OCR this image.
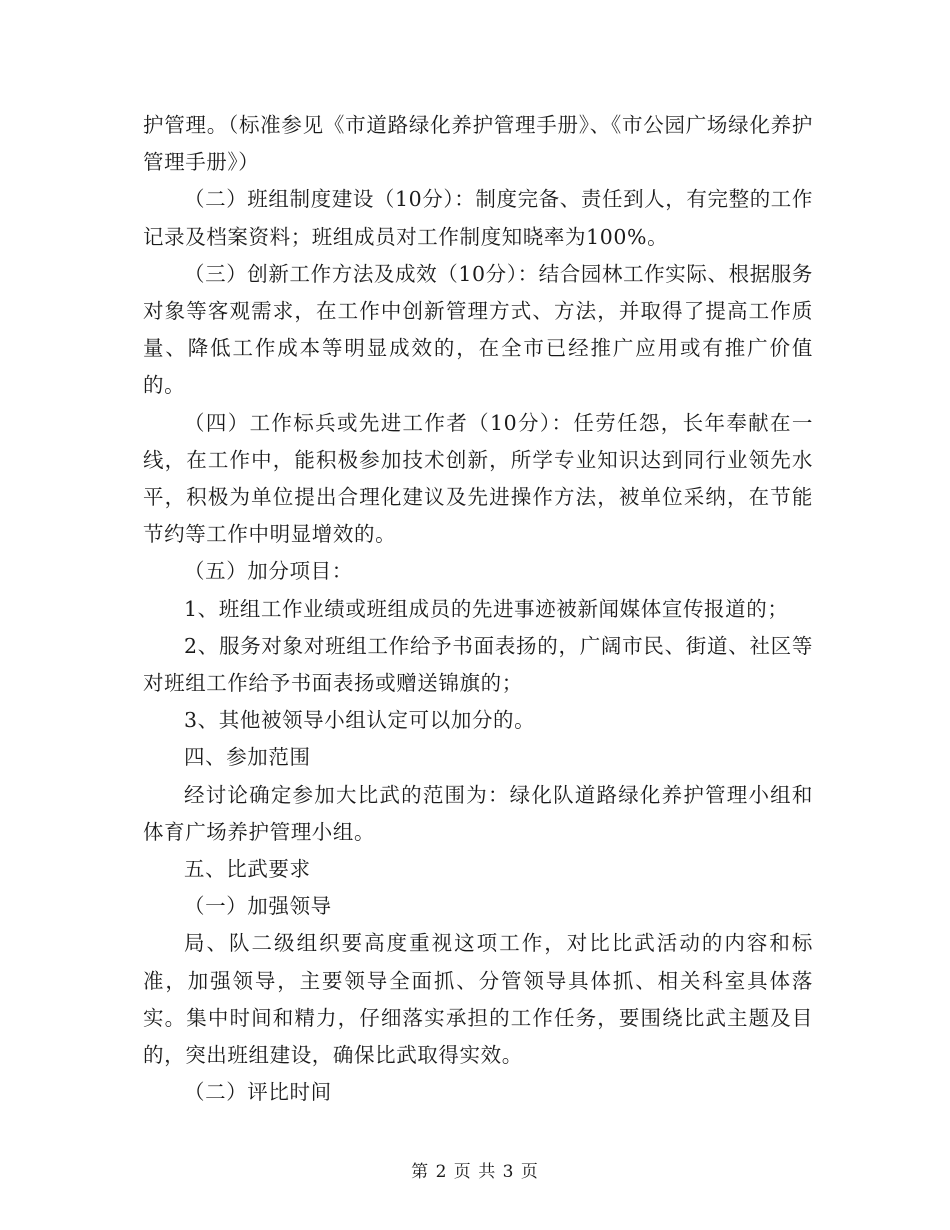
护管理。（标准参见《市道路绿化养护管理手册》、《市公园广场绿化养护管理手册》）

（二）班组制度建设（10分）：制度完备、责任到人，有完整的工作记录及档案资料；班组成员对工作制度知晓率为100%。

（三）创新工作方法及成效（10分）：结合园林工作实际、根据服务对象等客观需求，在工作中创新管理方式、方法，并取得了提高工作质量、降低工作成本等明显成效的，在全市已经推广应用或有推广价值的。

（四）工作标兵或先进工作者（10分）：任劳任怨，长年奉献在一线，在工作中，能积极参加技术创新，所学专业知识达到同行业领先水平，积极为单位提出合理化建议及先进操作方法，被单位采纳，在节能节约等工作中明显增效的。

（五）加分项目：

1、班组工作业绩或班组成员的先进事迹被新闻媒体宣传报道的；

2、服务对象对班组工作给予书面表扬的，广阔市民、街道、社区等对班组工作给予书面表扬或赠送锦旗的；

3、其他被领导小组认定可以加分的。

四、参加范围

经讨论确定参加大比武的范围为：绿化队道路绿化养护管理小组和体育广场养护管理小组。

五、比武要求

（一）加强领导

局、队二级组织要高度重视这项工作，对比比武活动的内容和标准，加强领导，主要领导全面抓、分管领导具体抓、相关科室具体落实。集中时间和精力，仔细落实承担的工作任务，要围绕比武主题及目的，突出班组建设，确保比武取得实效。

（二）评比时间

第 2 页 共 3 页
